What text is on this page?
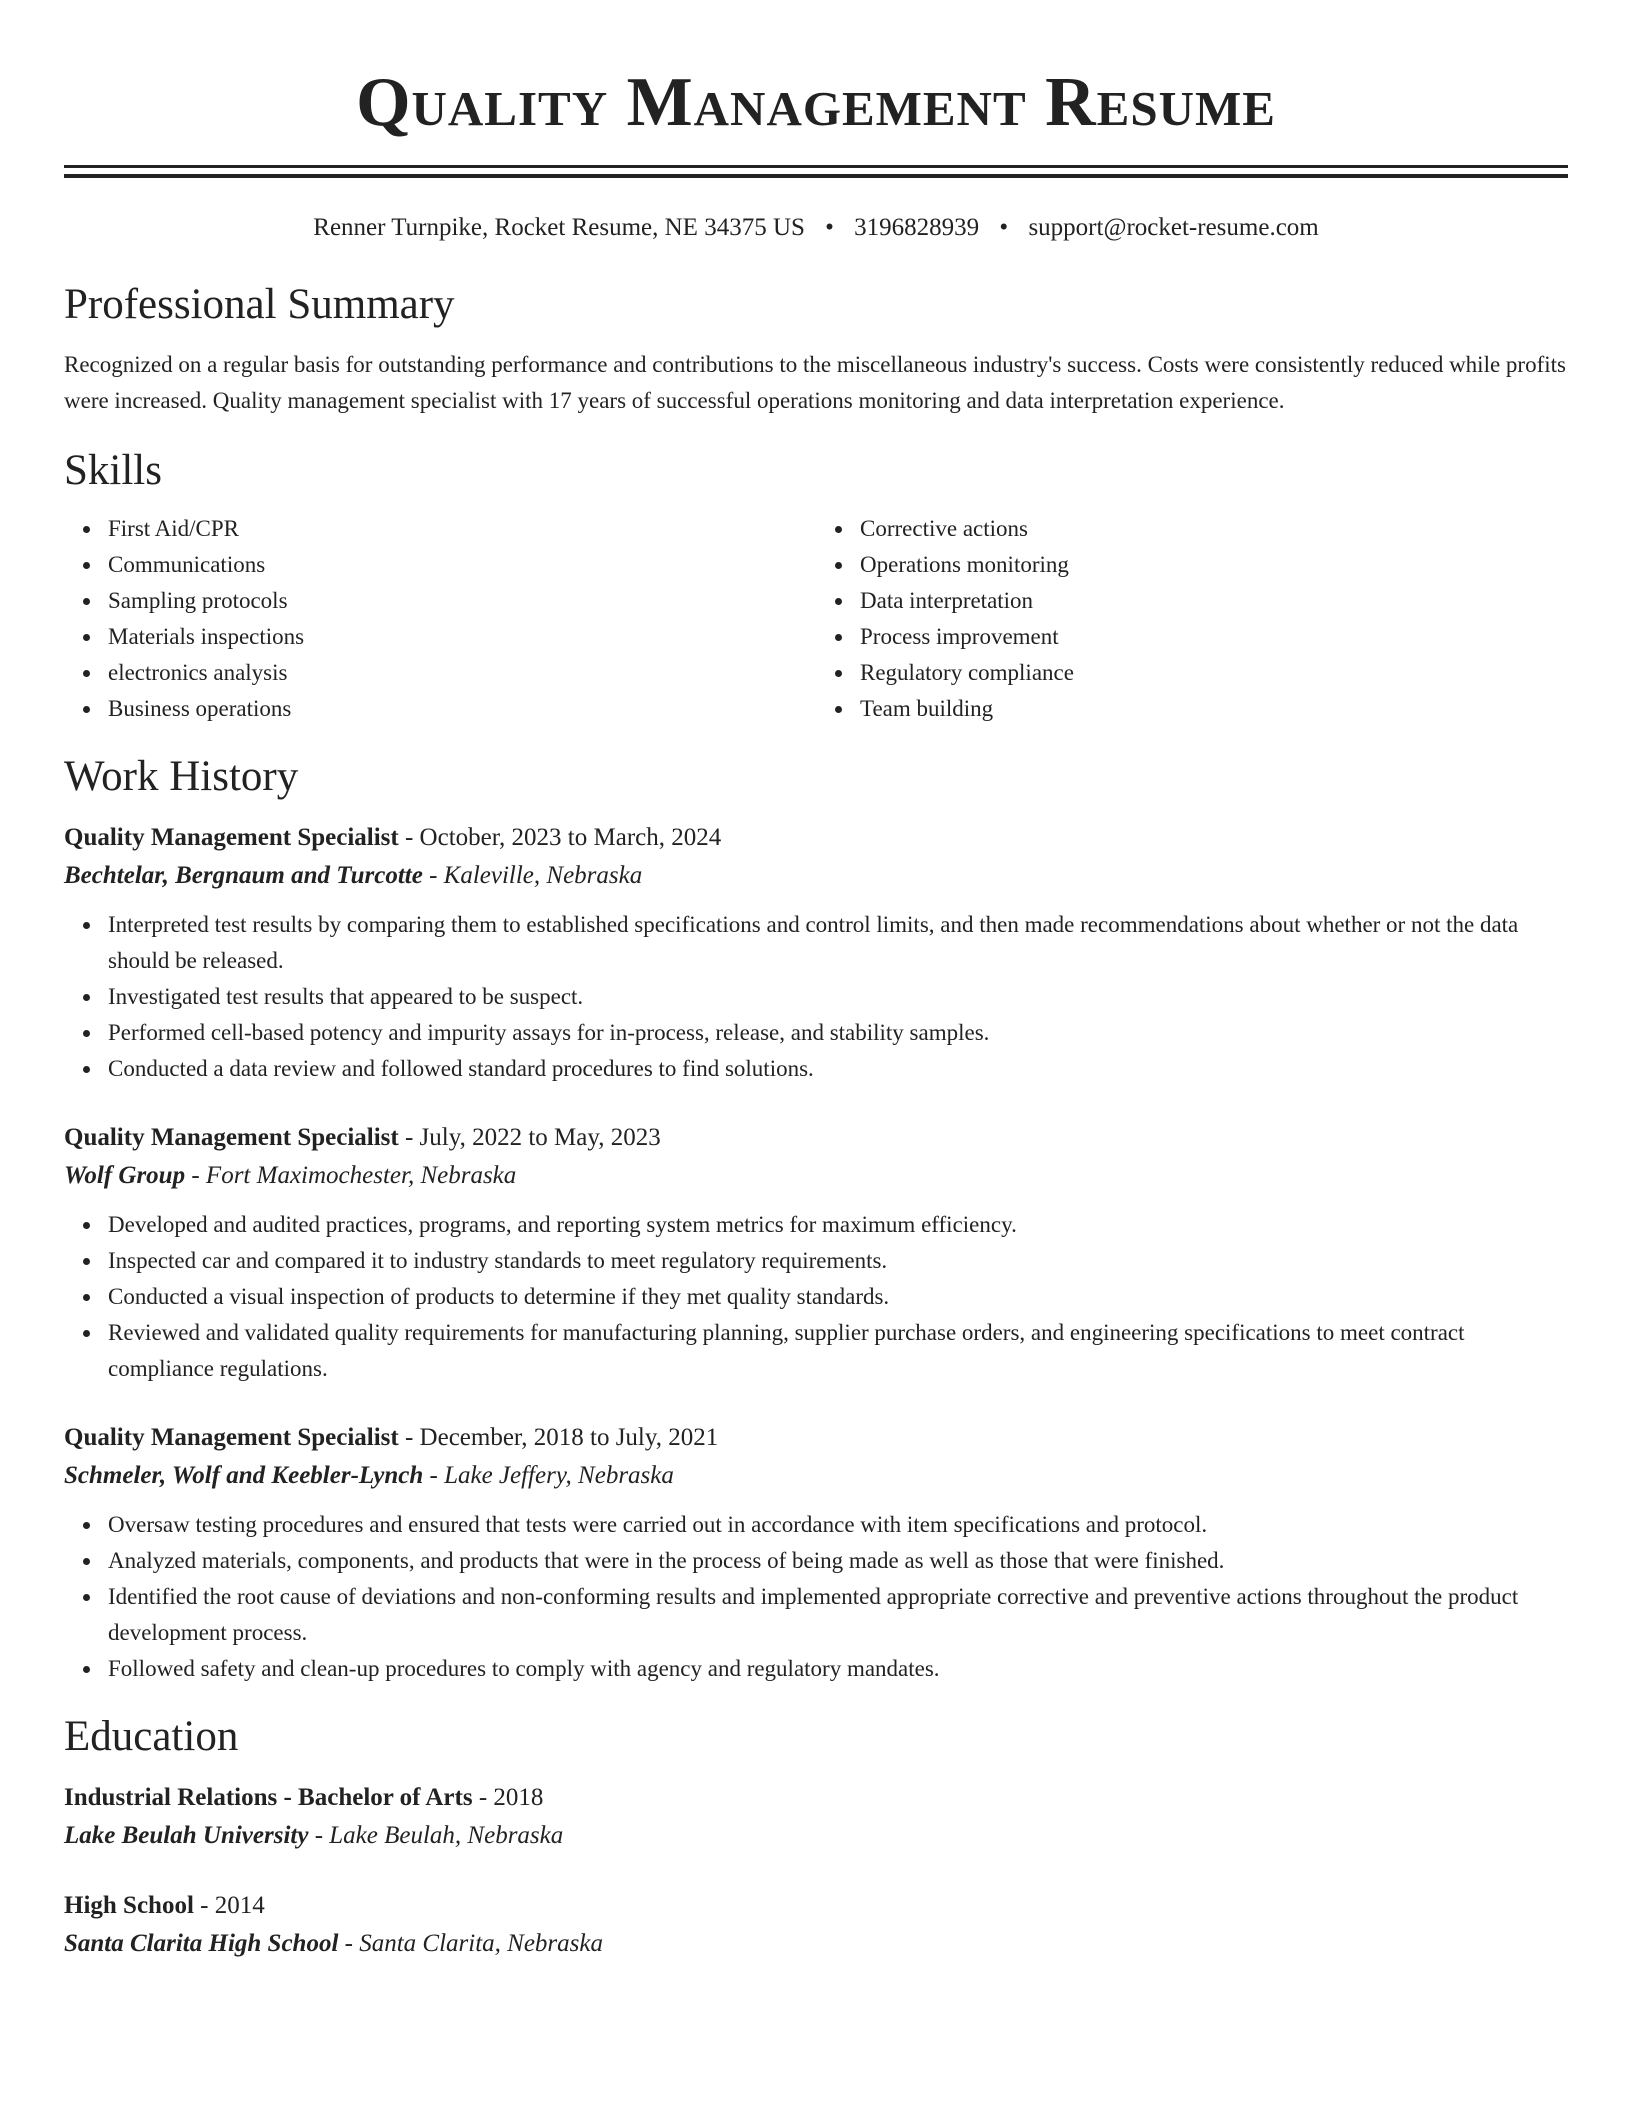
Quality Management Resume
Renner Turnpike, Rocket Resume, NE 34375 US • 3196828939 • support@rocket-resume.com
Professional Summary

Recognized on a regular basis for outstanding performance and contributions to the miscellaneous industry's success. Costs were consistently reduced while profits were increased. Quality management specialist with 17 years of successful operations monitoring and data interpretation experience.

Skills
First Aid/CPR
Communications
Sampling protocols
Materials inspections
electronics analysis
Business operations
Corrective actions
Operations monitoring
Data interpretation
Process improvement
Regulatory compliance
Team building
Work History
Quality Management Specialist - October, 2023 to March, 2024
Bechtelar, Bergnaum and Turcotte - Kaleville, Nebraska
Interpreted test results by comparing them to established specifications and control limits, and then made recommendations about whether or not the data should be released.
Investigated test results that appeared to be suspect.
Performed cell-based potency and impurity assays for in-process, release, and stability samples.
Conducted a data review and followed standard procedures to find solutions.
Quality Management Specialist - July, 2022 to May, 2023
Wolf Group - Fort Maximochester, Nebraska
Developed and audited practices, programs, and reporting system metrics for maximum efficiency.
Inspected car and compared it to industry standards to meet regulatory requirements.
Conducted a visual inspection of products to determine if they met quality standards.
Reviewed and validated quality requirements for manufacturing planning, supplier purchase orders, and engineering specifications to meet contract compliance regulations.
Quality Management Specialist - December, 2018 to July, 2021
Schmeler, Wolf and Keebler-Lynch - Lake Jeffery, Nebraska
Oversaw testing procedures and ensured that tests were carried out in accordance with item specifications and protocol.
Analyzed materials, components, and products that were in the process of being made as well as those that were finished.
Identified the root cause of deviations and non-conforming results and implemented appropriate corrective and preventive actions throughout the product development process.
Followed safety and clean-up procedures to comply with agency and regulatory mandates.
Education
Industrial Relations - Bachelor of Arts - 2018
Lake Beulah University - Lake Beulah, Nebraska
High School - 2014
Santa Clarita High School - Santa Clarita, Nebraska
